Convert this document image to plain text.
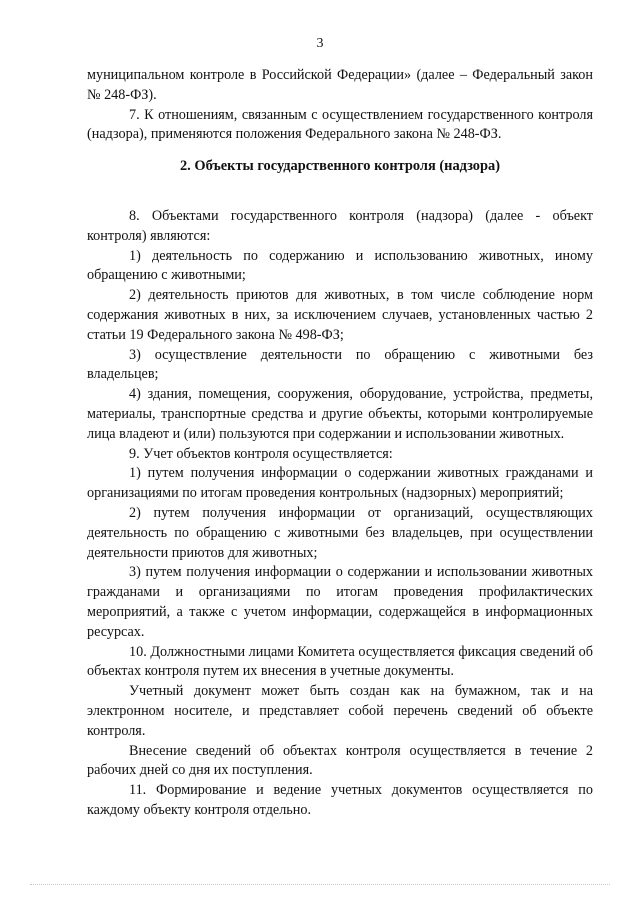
3

муниципальном контроле в Российской Федерации» (далее – Федеральный закон № 248-ФЗ).

7. К отношениям, связанным с осуществлением государственного контроля (надзора), применяются положения Федерального закона № 248-ФЗ.

2. Объекты государственного контроля (надзора)

8. Объектами государственного контроля (надзора) (далее - объект контроля) являются:

1) деятельность по содержанию и использованию животных, иному обращению с животными;

2) деятельность приютов для животных, в том числе соблюдение норм содержания животных в них, за исключением случаев, установленных частью 2 статьи 19 Федерального закона № 498-ФЗ;

3) осуществление деятельности по обращению с животными без владельцев;

4) здания, помещения, сооружения, оборудование, устройства, предметы, материалы, транспортные средства и другие объекты, которыми контролируемые лица владеют и (или) пользуются при содержании и использовании животных.

9. Учет объектов контроля осуществляется:

1) путем получения информации о содержании животных гражданами и организациями по итогам проведения контрольных (надзорных) мероприятий;

2) путем получения информации от организаций, осуществляющих деятельность по обращению с животными без владельцев, при осуществлении деятельности приютов для животных;

3) путем получения информации о содержании и использовании животных гражданами и организациями по итогам проведения профилактических мероприятий, а также с учетом информации, содержащейся в информационных ресурсах.

10. Должностными лицами Комитета осуществляется фиксация сведений об объектах контроля путем их внесения в учетные документы.

Учетный документ может быть создан как на бумажном, так и на электронном носителе, и представляет собой перечень сведений об объекте контроля.

Внесение сведений об объектах контроля осуществляется в течение 2 рабочих дней со дня их поступления.

11. Формирование и ведение учетных документов осуществляется по каждому объекту контроля отдельно.
